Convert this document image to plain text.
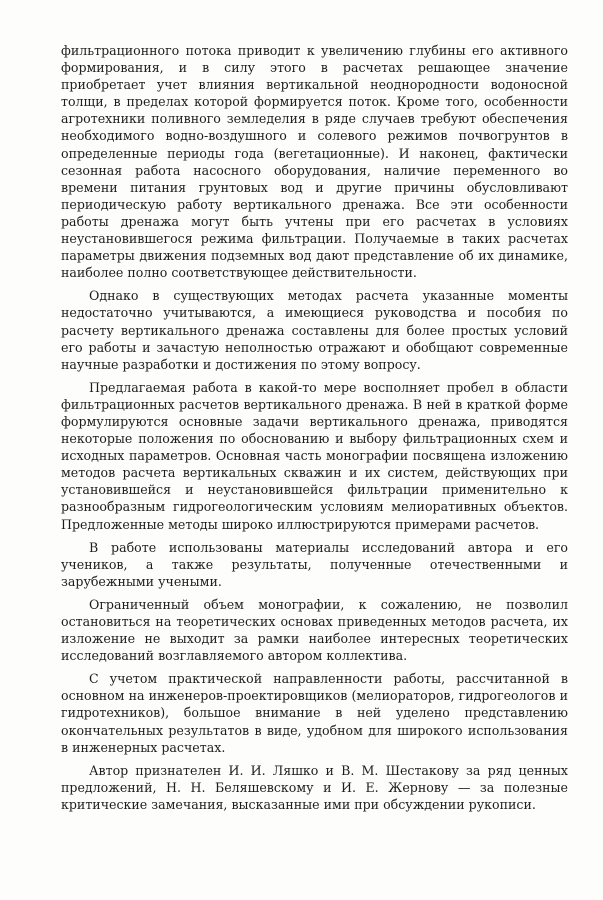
фильтрационного потока приводит к увеличению глубины его активного формирования, и в силу этого в расчетах решающее значение приобретает учет влияния вертикальной неоднородности водоносной толщи, в пределах которой формируется поток. Кроме того, особенности агротехники поливного земледелия в ряде случаев требуют обеспечения необходимого водно-воздушного и солевого режимов почвогрунтов в определенные периоды года (вегетационные). И наконец, фактически сезонная работа насосного оборудования, наличие переменного во времени питания грунтовых вод и другие причины обусловливают периодическую работу вертикального дренажа. Все эти особенности работы дренажа могут быть учтены при его расчетах в условиях неустановившегося режима фильтрации. Получаемые в таких расчетах параметры движения подземных вод дают представление об их динамике, наиболее полно соответствующее действительности.

Однако в существующих методах расчета указанные моменты недостаточно учитываются, а имеющиеся руководства и пособия по расчету вертикального дренажа составлены для более простых условий его работы и зачастую неполностью отражают и обобщают современные научные разработки и достижения по этому вопросу.

Предлагаемая работа в какой-то мере восполняет пробел в области фильтрационных расчетов вертикального дренажа. В ней в краткой форме формулируются основные задачи вертикального дренажа, приводятся некоторые положения по обоснованию и выбору фильтрационных схем и исходных параметров. Основная часть монографии посвящена изложению методов расчета вертикальных скважин и их систем, действующих при установившейся и неустановившейся фильтрации применительно к разнообразным гидрогеологическим условиям мелиоративных объектов. Предложенные методы широко иллюстрируются примерами расчетов.

В работе использованы материалы исследований автора и его учеников, а также результаты, полученные отечественными и зарубежными учеными.

Ограниченный объем монографии, к сожалению, не позволил остановиться на теоретических основах приведенных методов расчета, их изложение не выходит за рамки наиболее интересных теоретических исследований возглавляемого автором коллектива.

С учетом практической направленности работы, рассчитанной в основном на инженеров-проектировщиков (мелиораторов, гидрогеологов и гидротехников), большое внимание в ней уделено представлению окончательных результатов в виде, удобном для широкого использования в инженерных расчетах.

Автор признателен И. И. Ляшко и В. М. Шестакову за ряд ценных предложений, Н. Н. Беляшевскому и И. Е. Жернову — за полезные критические замечания, высказанные ими при обсуждении рукописи.
